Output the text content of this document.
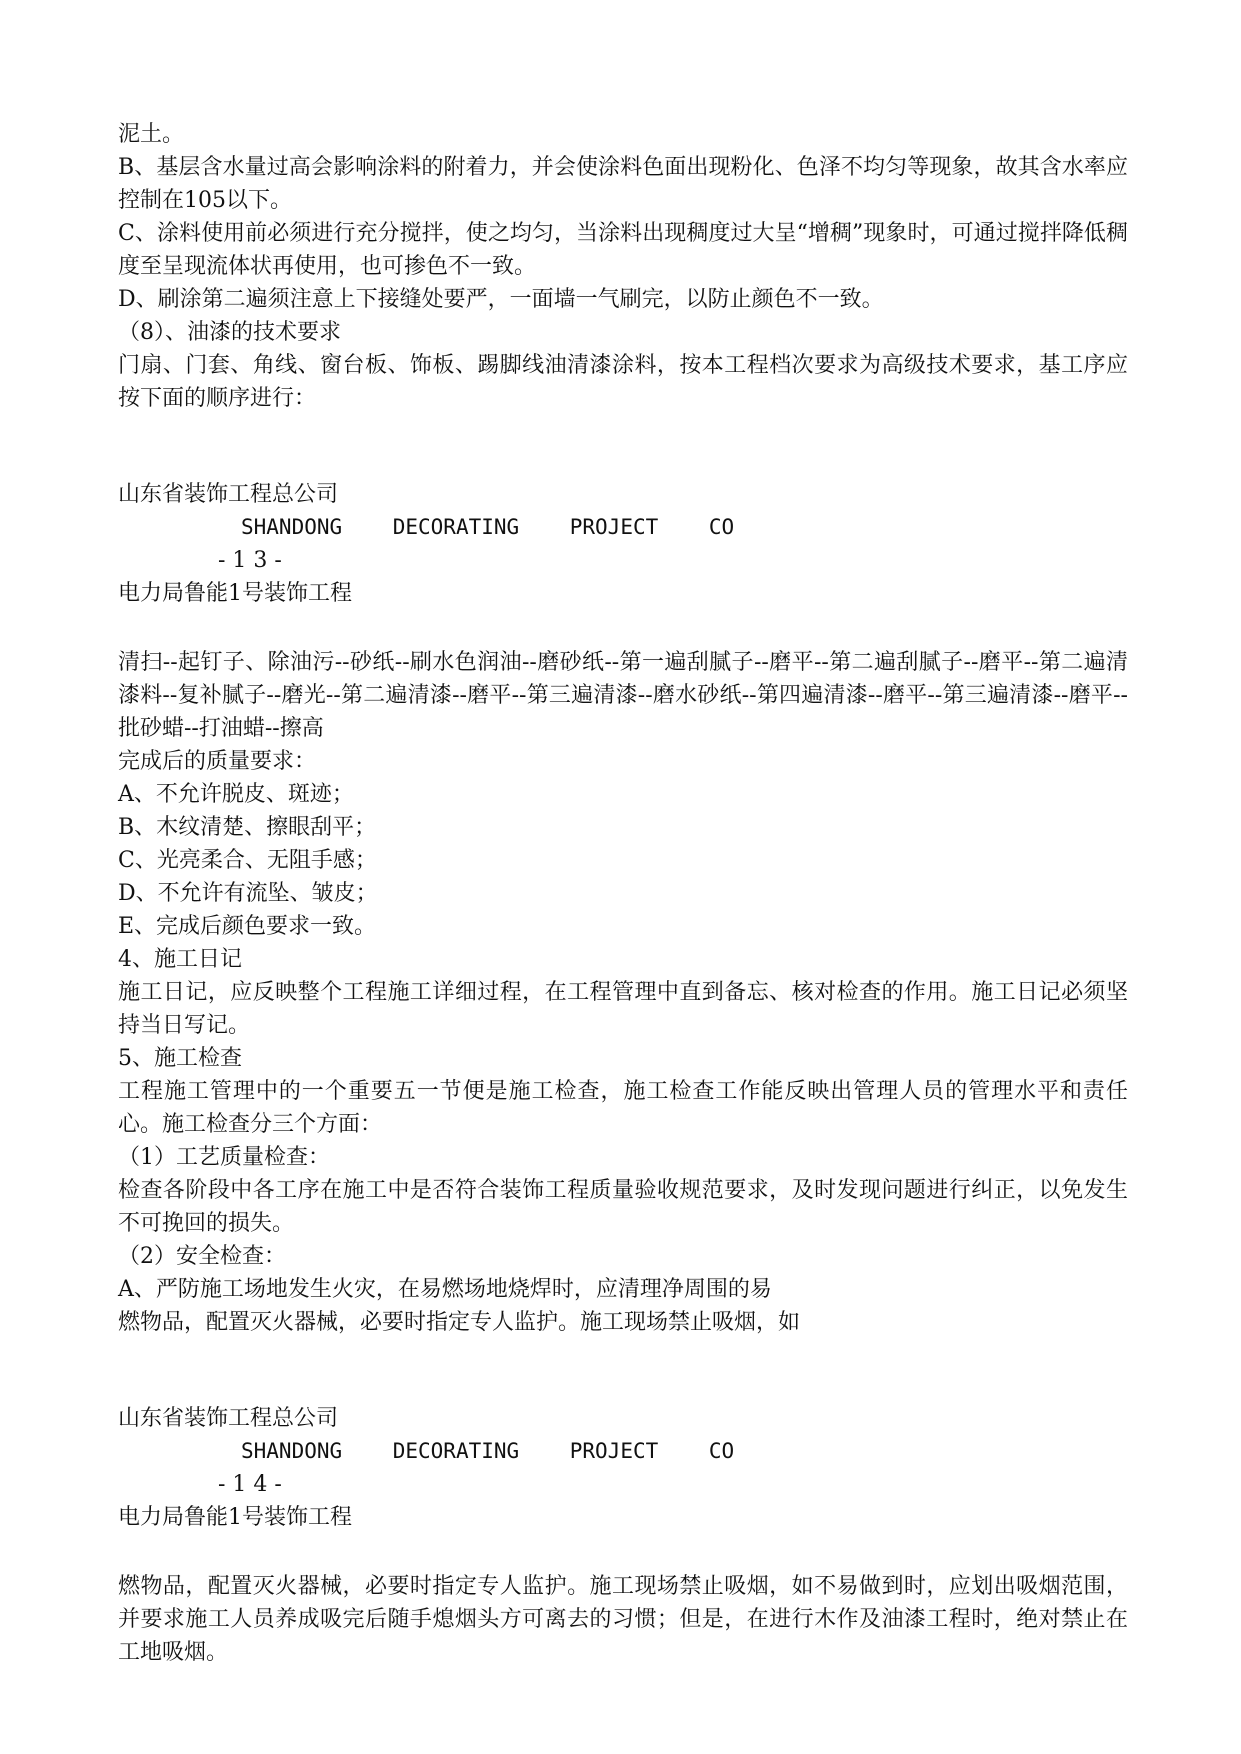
泥土。

B、基层含水量过高会影响涂料的附着力，并会使涂料色面出现粉化、色泽不均匀等现象，故其含水率应控制在105以下。

C、涂料使用前必须进行充分搅拌，使之均匀，当涂料出现稠度过大呈“增稠”现象时，可通过搅拌降低稠度至呈现流体状再使用，也可掺色不一致。

D、刷涂第二遍须注意上下接缝处要严，一面墙一气刷完，以防止颜色不一致。

（8）、油漆的技术要求

门扇、门套、角线、窗台板、饰板、踢脚线油清漆涂料，按本工程档次要求为高级技术要求，基工序应按下面的顺序进行：

山东省装饰工程总公司

SHANDONG DECORATING PROJECT CO

- 1 3 -

电力局鲁能1号装饰工程

清扫--起钉子、除油污--砂纸--刷水色润油--磨砂纸--第一遍刮腻子--磨平--第二遍刮腻子--磨平--第二遍清漆料--复补腻子--磨光--第二遍清漆--磨平--第三遍清漆--磨水砂纸--第四遍清漆--磨平--第三遍清漆--磨平--批砂蜡--打油蜡--擦高

完成后的质量要求：

A、不允许脱皮、斑迹；

B、木纹清楚、擦眼刮平；

C、光亮柔合、无阻手感；

D、不允许有流坠、皱皮；

E、完成后颜色要求一致。

4、施工日记

施工日记，应反映整个工程施工详细过程，在工程管理中直到备忘、核对检查的作用。施工日记必须坚持当日写记。

5、施工检查

工程施工管理中的一个重要五一节便是施工检查，施工检查工作能反映出管理人员的管理水平和责任心。施工检查分三个方面：

（1）工艺质量检查：

检查各阶段中各工序在施工中是否符合装饰工程质量验收规范要求，及时发现问题进行纠正，以免发生不可挽回的损失。

（2）安全检查：

A、严防施工场地发生火灾，在易燃场地烧焊时，应清理净周围的易

燃物品，配置灭火器械，必要时指定专人监护。施工现场禁止吸烟，如

山东省装饰工程总公司

SHANDONG DECORATING PROJECT CO

- 1 4 -

电力局鲁能1号装饰工程

燃物品，配置灭火器械，必要时指定专人监护。施工现场禁止吸烟，如不易做到时，应划出吸烟范围，并要求施工人员养成吸完后随手熄烟头方可离去的习惯；但是，在进行木作及油漆工程时，绝对禁止在工地吸烟。
